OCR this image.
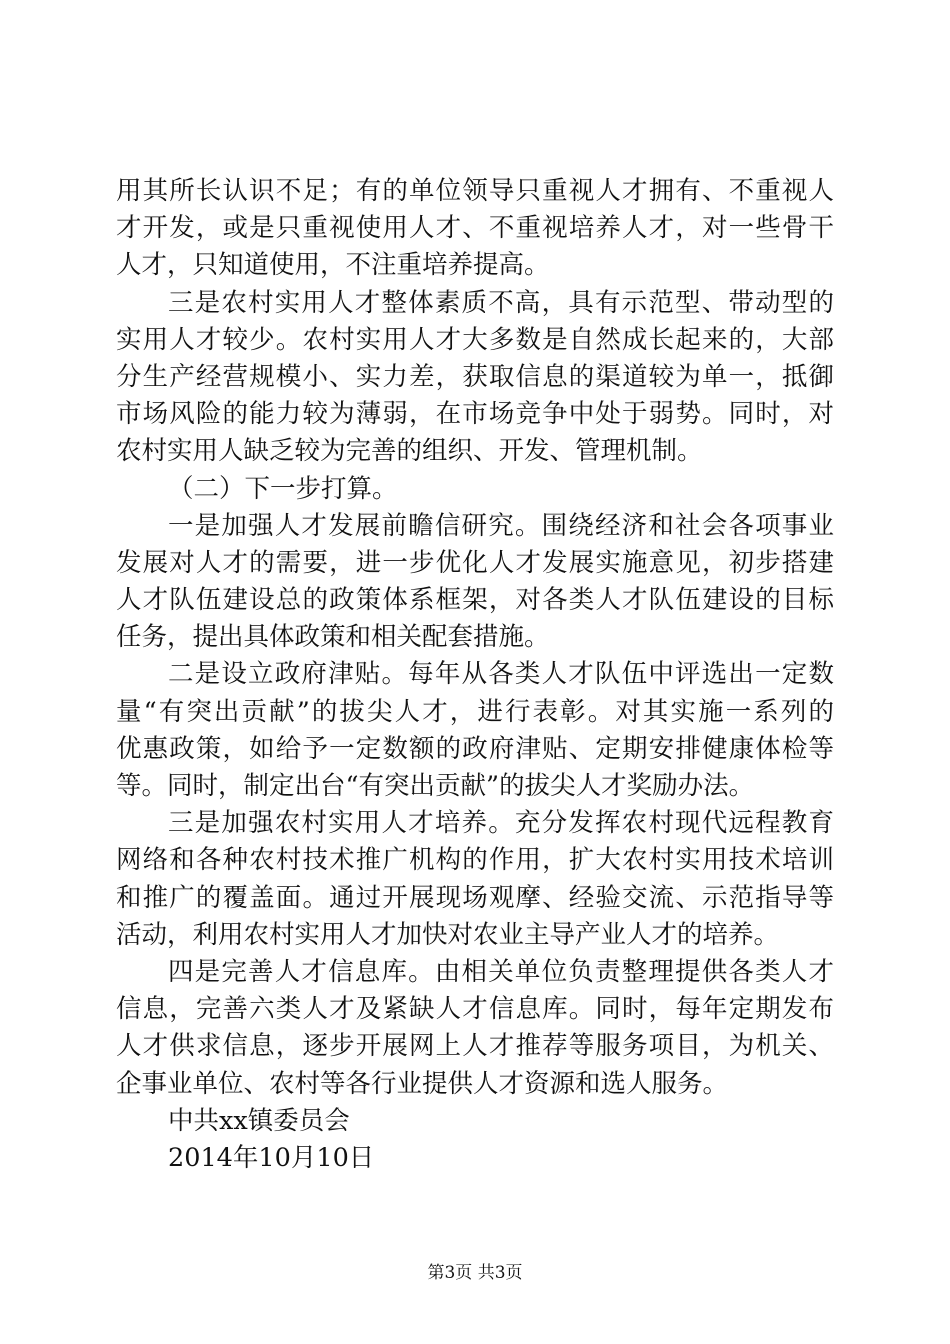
用其所长认识不足；有的单位领导只重视人才拥有、不重视人
才开发，或是只重视使用人才、不重视培养人才，对一些骨干
人才，只知道使用，不注重培养提高。
三是农村实用人才整体素质不高，具有示范型、带动型的
实用人才较少。农村实用人才大多数是自然成长起来的，大部
分生产经营规模小、实力差，获取信息的渠道较为单一，抵御
市场风险的能力较为薄弱，在市场竞争中处于弱势。同时，对
农村实用人缺乏较为完善的组织、开发、管理机制。
（二）下一步打算。
一是加强人才发展前瞻信研究。围绕经济和社会各项事业
发展对人才的需要，进一步优化人才发展实施意见，初步搭建
人才队伍建设总的政策体系框架，对各类人才队伍建设的目标
任务，提出具体政策和相关配套措施。
二是设立政府津贴。每年从各类人才队伍中评选出一定数
量“有突出贡献”的拔尖人才，进行表彰。对其实施一系列的
优惠政策，如给予一定数额的政府津贴、定期安排健康体检等
等。同时，制定出台“有突出贡献”的拔尖人才奖励办法。
三是加强农村实用人才培养。充分发挥农村现代远程教育
网络和各种农村技术推广机构的作用，扩大农村实用技术培训
和推广的覆盖面。通过开展现场观摩、经验交流、示范指导等
活动，利用农村实用人才加快对农业主导产业人才的培养。
四是完善人才信息库。由相关单位负责整理提供各类人才
信息，完善六类人才及紧缺人才信息库。同时，每年定期发布
人才供求信息，逐步开展网上人才推荐等服务项目，为机关、
企事业单位、农村等各行业提供人才资源和选人服务。
中共xx镇委员会
2014年10月10日
第3页 共3页
